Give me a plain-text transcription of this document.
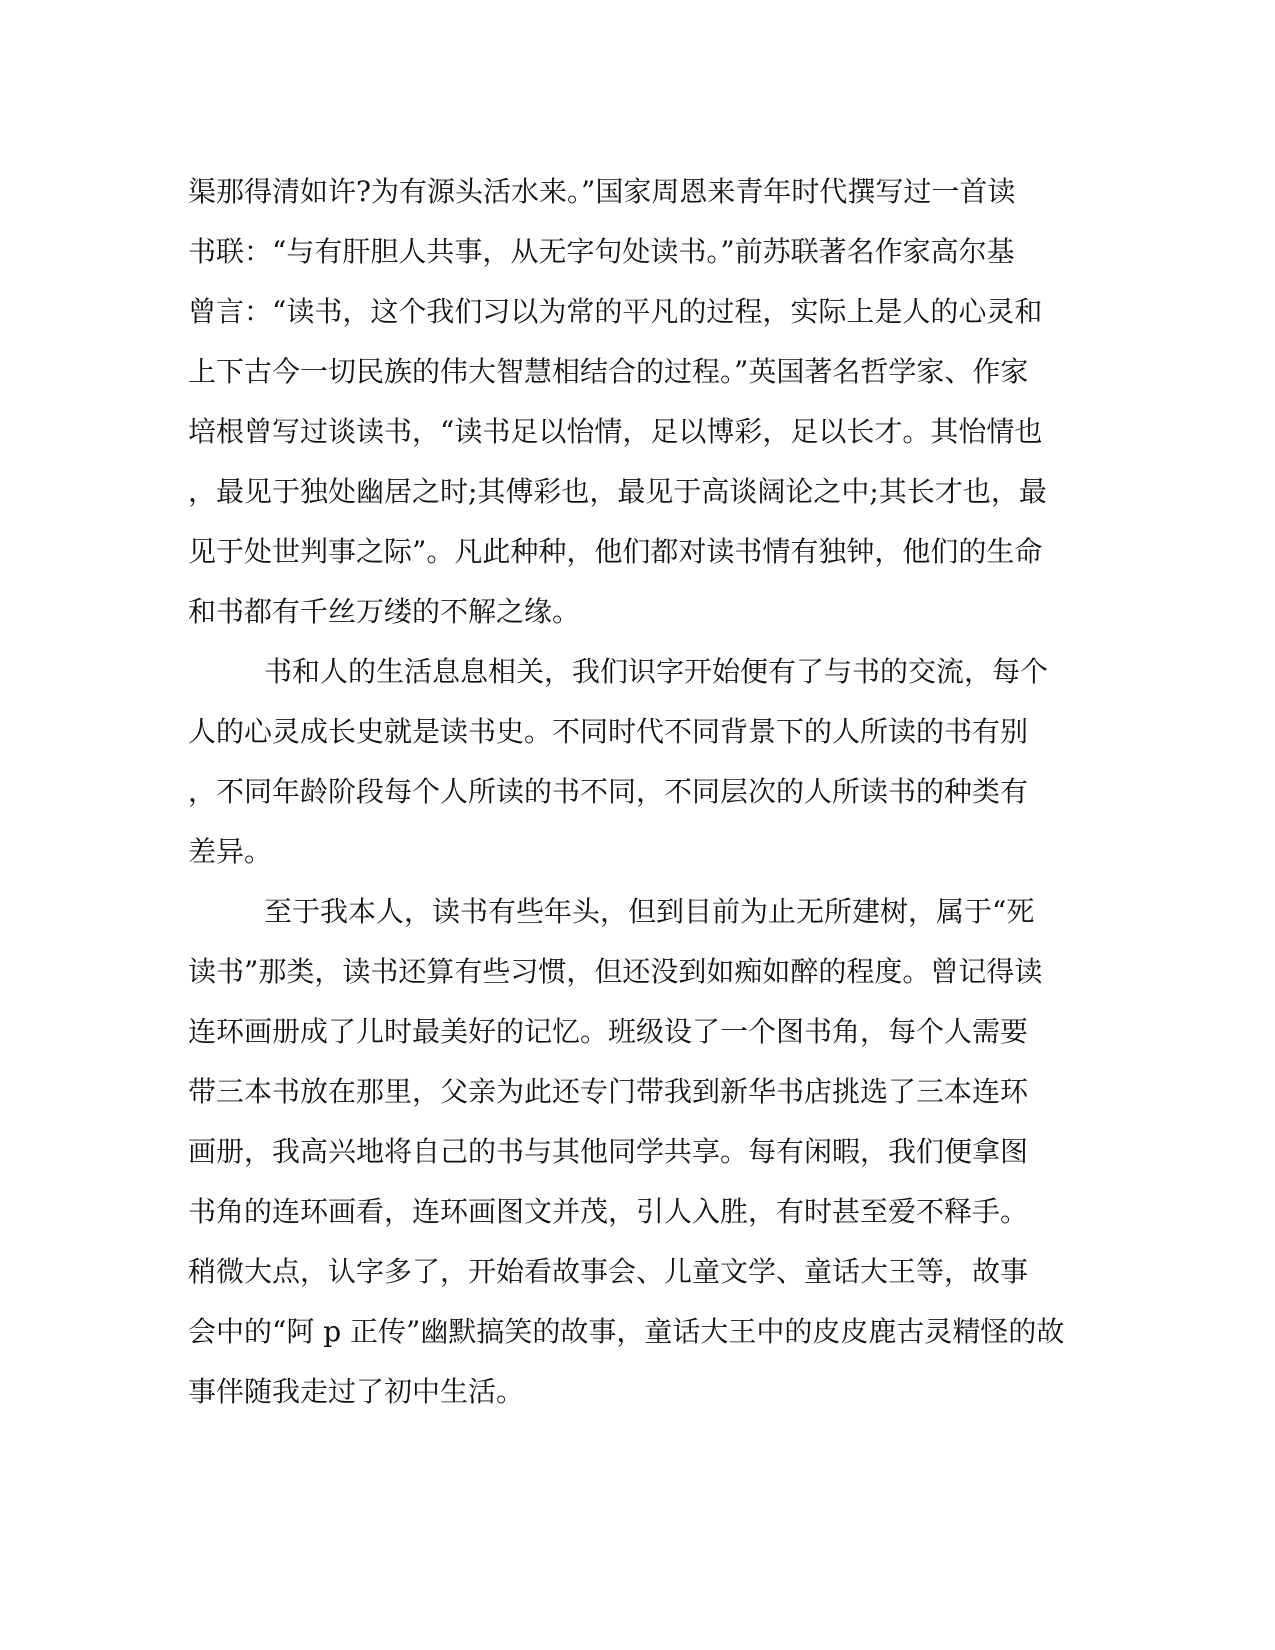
渠那得清如许?为有源头活水来。”国家周恩来青年时代撰写过一首读
书联：“与有肝胆人共事，从无字句处读书。”前苏联著名作家高尔基
曾言：“读书，这个我们习以为常的平凡的过程，实际上是人的心灵和
上下古今一切民族的伟大智慧相结合的过程。”英国著名哲学家、作家
培根曾写过谈读书，“读书足以怡情，足以博彩，足以长才。其怡情也
，最见于独处幽居之时;其傅彩也，最见于高谈阔论之中;其长才也，最
见于处世判事之际”。凡此种种，他们都对读书情有独钟，他们的生命
和书都有千丝万缕的不解之缘。
书和人的生活息息相关，我们识字开始便有了与书的交流，每个
人的心灵成长史就是读书史。不同时代不同背景下的人所读的书有别
，不同年龄阶段每个人所读的书不同，不同层次的人所读书的种类有
差异。
至于我本人，读书有些年头，但到目前为止无所建树，属于“死
读书”那类，读书还算有些习惯，但还没到如痴如醉的程度。曾记得读
连环画册成了儿时最美好的记忆。班级设了一个图书角，每个人需要
带三本书放在那里，父亲为此还专门带我到新华书店挑选了三本连环
画册，我高兴地将自己的书与其他同学共享。每有闲暇，我们便拿图
书角的连环画看，连环画图文并茂，引人入胜，有时甚至爱不释手。
稍微大点，认字多了，开始看故事会、儿童文学、童话大王等，故事
会中的“阿 p 正传”幽默搞笑的故事，童话大王中的皮皮鹿古灵精怪的故
事伴随我走过了初中生活。
